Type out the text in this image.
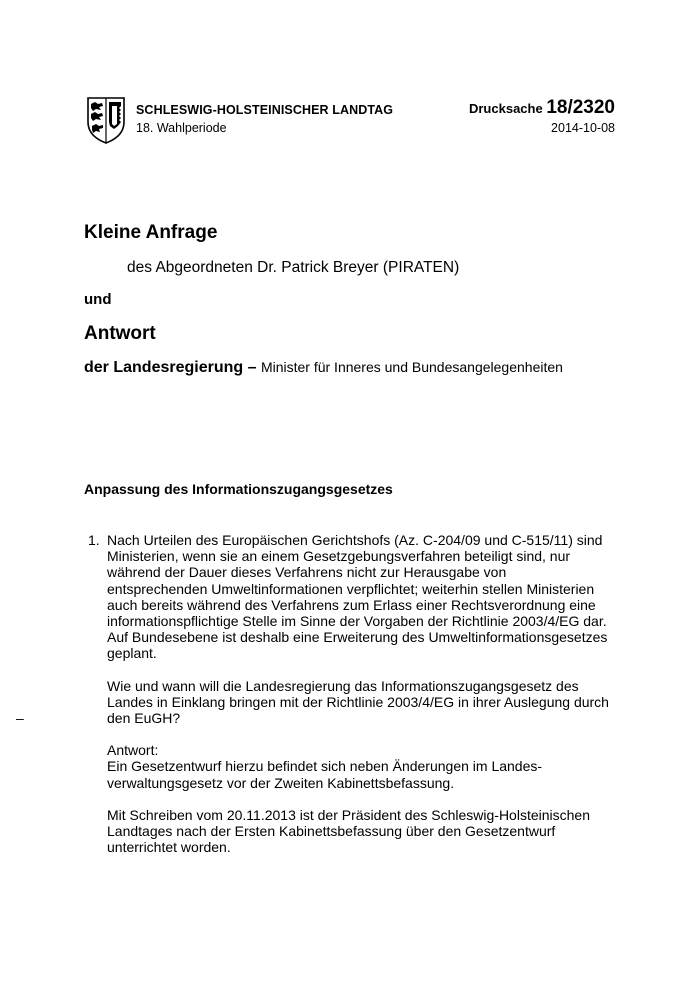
SCHLESWIG-HOLSTEINISCHER LANDTAG
18. Wahlperiode
Drucksache 18/2320
2014-10-08
Kleine Anfrage
des Abgeordneten Dr. Patrick Breyer (PIRATEN)
und
Antwort
der Landesregierung – Minister für Inneres und Bundesangelegenheiten
Anpassung des Informationszugangsgesetzes
1. Nach Urteilen des Europäischen Gerichtshofs (Az. C-204/09 und C-515/11) sind
Ministerien, wenn sie an einem Gesetzgebungsverfahren beteiligt sind, nur
während der Dauer dieses Verfahrens nicht zur Herausgabe von
entsprechenden Umweltinformationen verpflichtet; weiterhin stellen Ministerien
auch bereits während des Verfahrens zum Erlass einer Rechtsverordnung eine
informationspflichtige Stelle im Sinne der Vorgaben der Richtlinie 2003/4/EG dar.
Auf Bundesebene ist deshalb eine Erweiterung des Umweltinformationsgesetzes
geplant.

Wie und wann will die Landesregierung das Informationszugangsgesetz des
Landes in Einklang bringen mit der Richtlinie 2003/4/EG in ihrer Auslegung durch
den EuGH?

Antwort:
Ein Gesetzentwurf hierzu befindet sich neben Änderungen im Landes-
verwaltungsgesetz vor der Zweiten Kabinettsbefassung.

Mit Schreiben vom 20.11.2013 ist der Präsident des Schleswig-Holsteinischen
Landtages nach der Ersten Kabinettsbefassung über den Gesetzentwurf
unterrichtet worden.

–
